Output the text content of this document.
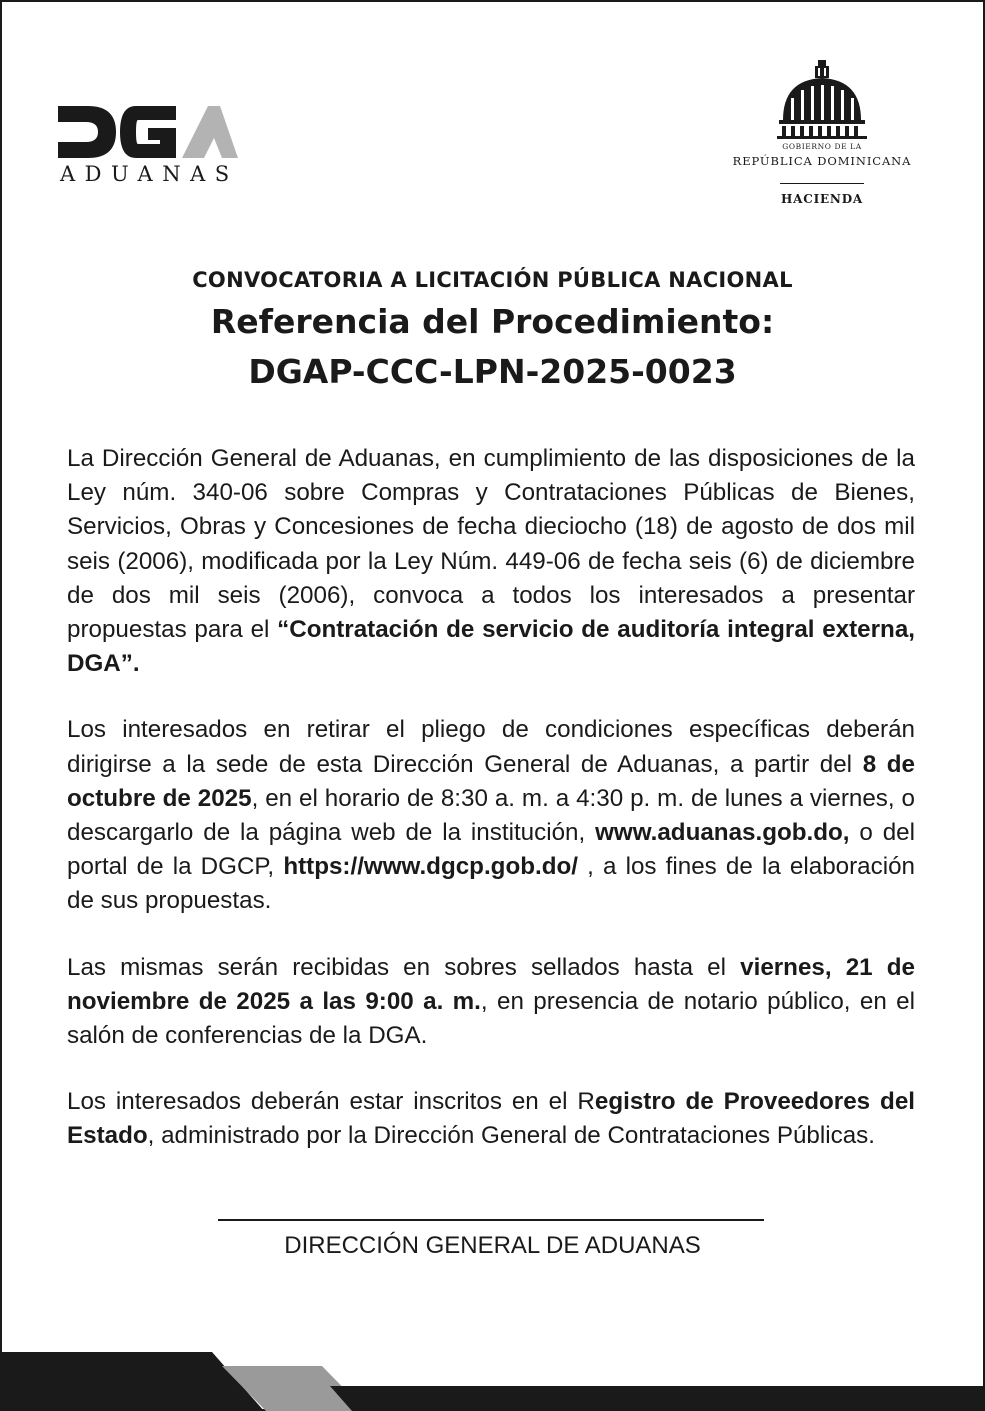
ADUANAS
GOBIERNO DE LA
REPÚBLICA DOMINICANA
HACIENDA
CONVOCATORIA A LICITACIÓN PÚBLICA NACIONAL
Referencia del Procedimiento:
DGAP-CCC-LPN-2025-0023

La Dirección General de Aduanas, en cumplimiento de las disposiciones de la Ley núm. 340-06 sobre Compras y Contrataciones Públicas de Bienes, Servicios, Obras y Concesiones de fecha dieciocho (18) de agosto de dos mil seis (2006), modificada por la Ley Núm. 449-06 de fecha seis (6) de diciembre de dos mil seis (2006), convoca a todos los interesados a presentar propuestas para el “Contratación de servicio de auditoría integral externa, DGA”.

Los interesados en retirar el pliego de condiciones específicas deberán dirigirse a la sede de esta Dirección General de Aduanas, a partir del 8 de octubre de 2025, en el horario de 8:30 a. m. a 4:30 p. m. de lunes a viernes, o descargarlo de la página web de la institución, www.aduanas.gob.do, o del portal de la DGCP, https://www.dgcp.gob.do/ , a los fines de la elaboración de sus propuestas.

Las mismas serán recibidas en sobres sellados hasta el viernes, 21 de noviembre de 2025 a las 9:00 a. m., en presencia de notario público, en el salón de conferencias de la DGA.

Los interesados deberán estar inscritos en el Registro de Proveedores del Estado, administrado por la Dirección General de Contrataciones Públicas.

DIRECCIÓN GENERAL DE ADUANAS
